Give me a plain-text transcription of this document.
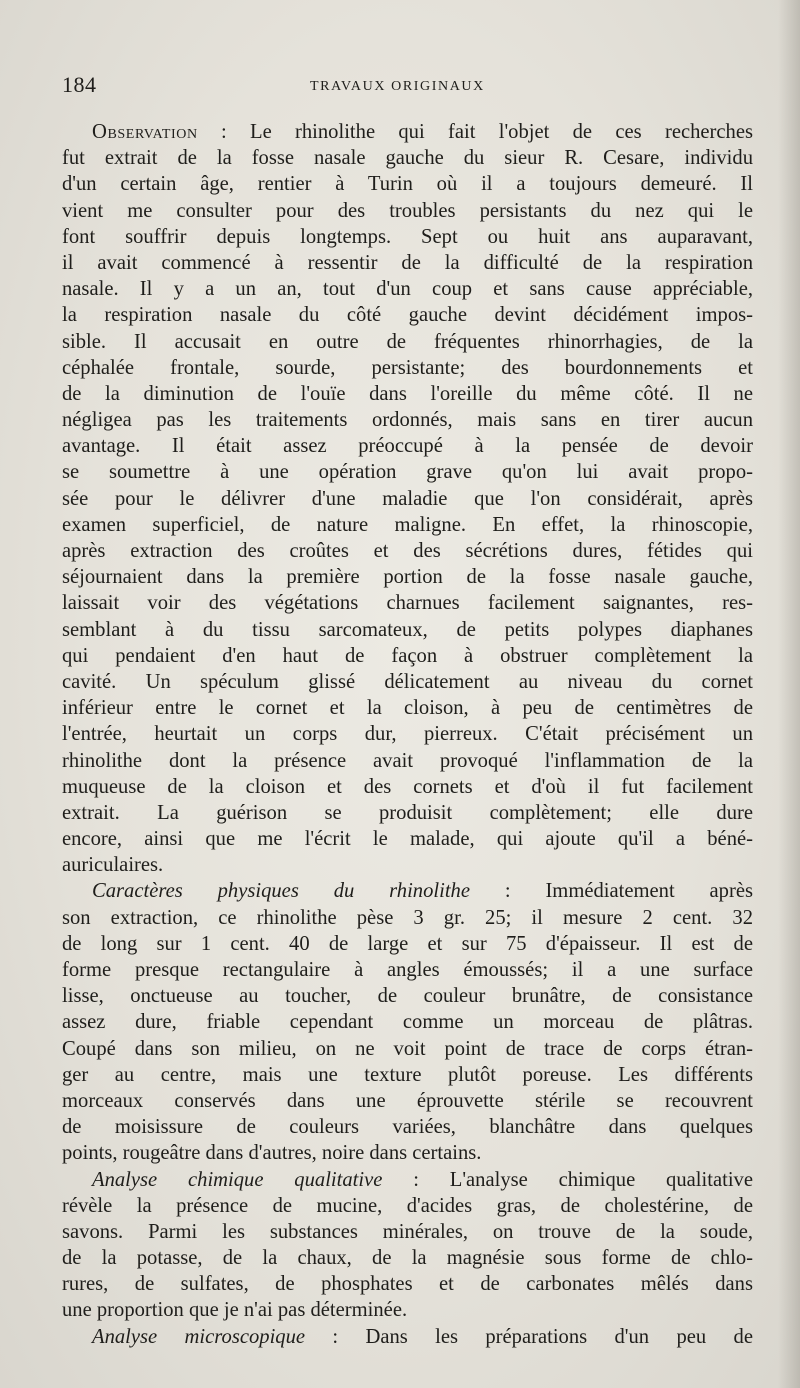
184	TRAVAUX ORIGINAUX
Observation : Le rhinolithe qui fait l'objet de ces recherches
fut extrait de la fosse nasale gauche du sieur R. Cesare, individu
d'un certain âge, rentier à Turin où il a toujours demeuré. Il
vient me consulter pour des troubles persistants du nez qui le
font souffrir depuis longtemps. Sept ou huit ans auparavant,
il avait commencé à ressentir de la difficulté de la respiration
nasale. Il y a un an, tout d'un coup et sans cause appréciable,
la respiration nasale du côté gauche devint décidément impos-
sible. Il accusait en outre de fréquentes rhinorrhagies, de la
céphalée frontale, sourde, persistante; des bourdonnements et
de la diminution de l'ouïe dans l'oreille du même côté. Il ne
négligea pas les traitements ordonnés, mais sans en tirer aucun
avantage. Il était assez préoccupé à la pensée de devoir
se soumettre à une opération grave qu'on lui avait propo-
sée pour le délivrer d'une maladie que l'on considérait, après
examen superficiel, de nature maligne. En effet, la rhinoscopie,
après extraction des croûtes et des sécrétions dures, fétides qui
séjournaient dans la première portion de la fosse nasale gauche,
laissait voir des végétations charnues facilement saignantes, res-
semblant à du tissu sarcomateux, de petits polypes diaphanes
qui pendaient d'en haut de façon à obstruer complètement la
cavité. Un spéculum glissé délicatement au niveau du cornet
inférieur entre le cornet et la cloison, à peu de centimètres de
l'entrée, heurtait un corps dur, pierreux. C'était précisément un
rhinolithe dont la présence avait provoqué l'inflammation de la
muqueuse de la cloison et des cornets et d'où il fut facilement
extrait. La guérison se produisit complètement; elle dure
encore, ainsi que me l'écrit le malade, qui ajoute qu'il a béné-
auriculaires.
Caractères physiques du rhinolithe : Immédiatement après
son extraction, ce rhinolithe pèse 3 gr. 25; il mesure 2 cent. 32
de long sur 1 cent. 40 de large et sur 75 d'épaisseur. Il est de
forme presque rectangulaire à angles émoussés; il a une surface
lisse, onctueuse au toucher, de couleur brunâtre, de consistance
assez dure, friable cependant comme un morceau de plâtras.
Coupé dans son milieu, on ne voit point de trace de corps étran-
ger au centre, mais une texture plutôt poreuse. Les différents
morceaux conservés dans une éprouvette stérile se recouvrent
de moisissure de couleurs variées, blanchâtre dans quelques
points, rougeâtre dans d'autres, noire dans certains.
Analyse chimique qualitative : L'analyse chimique qualitative
révèle la présence de mucine, d'acides gras, de cholestérine, de
savons. Parmi les substances minérales, on trouve de la soude,
de la potasse, de la chaux, de la magnésie sous forme de chlo-
rures, de sulfates, de phosphates et de carbonates mêlés dans
une proportion que je n'ai pas déterminée.
Analyse microscopique : Dans les préparations d'un peu de
